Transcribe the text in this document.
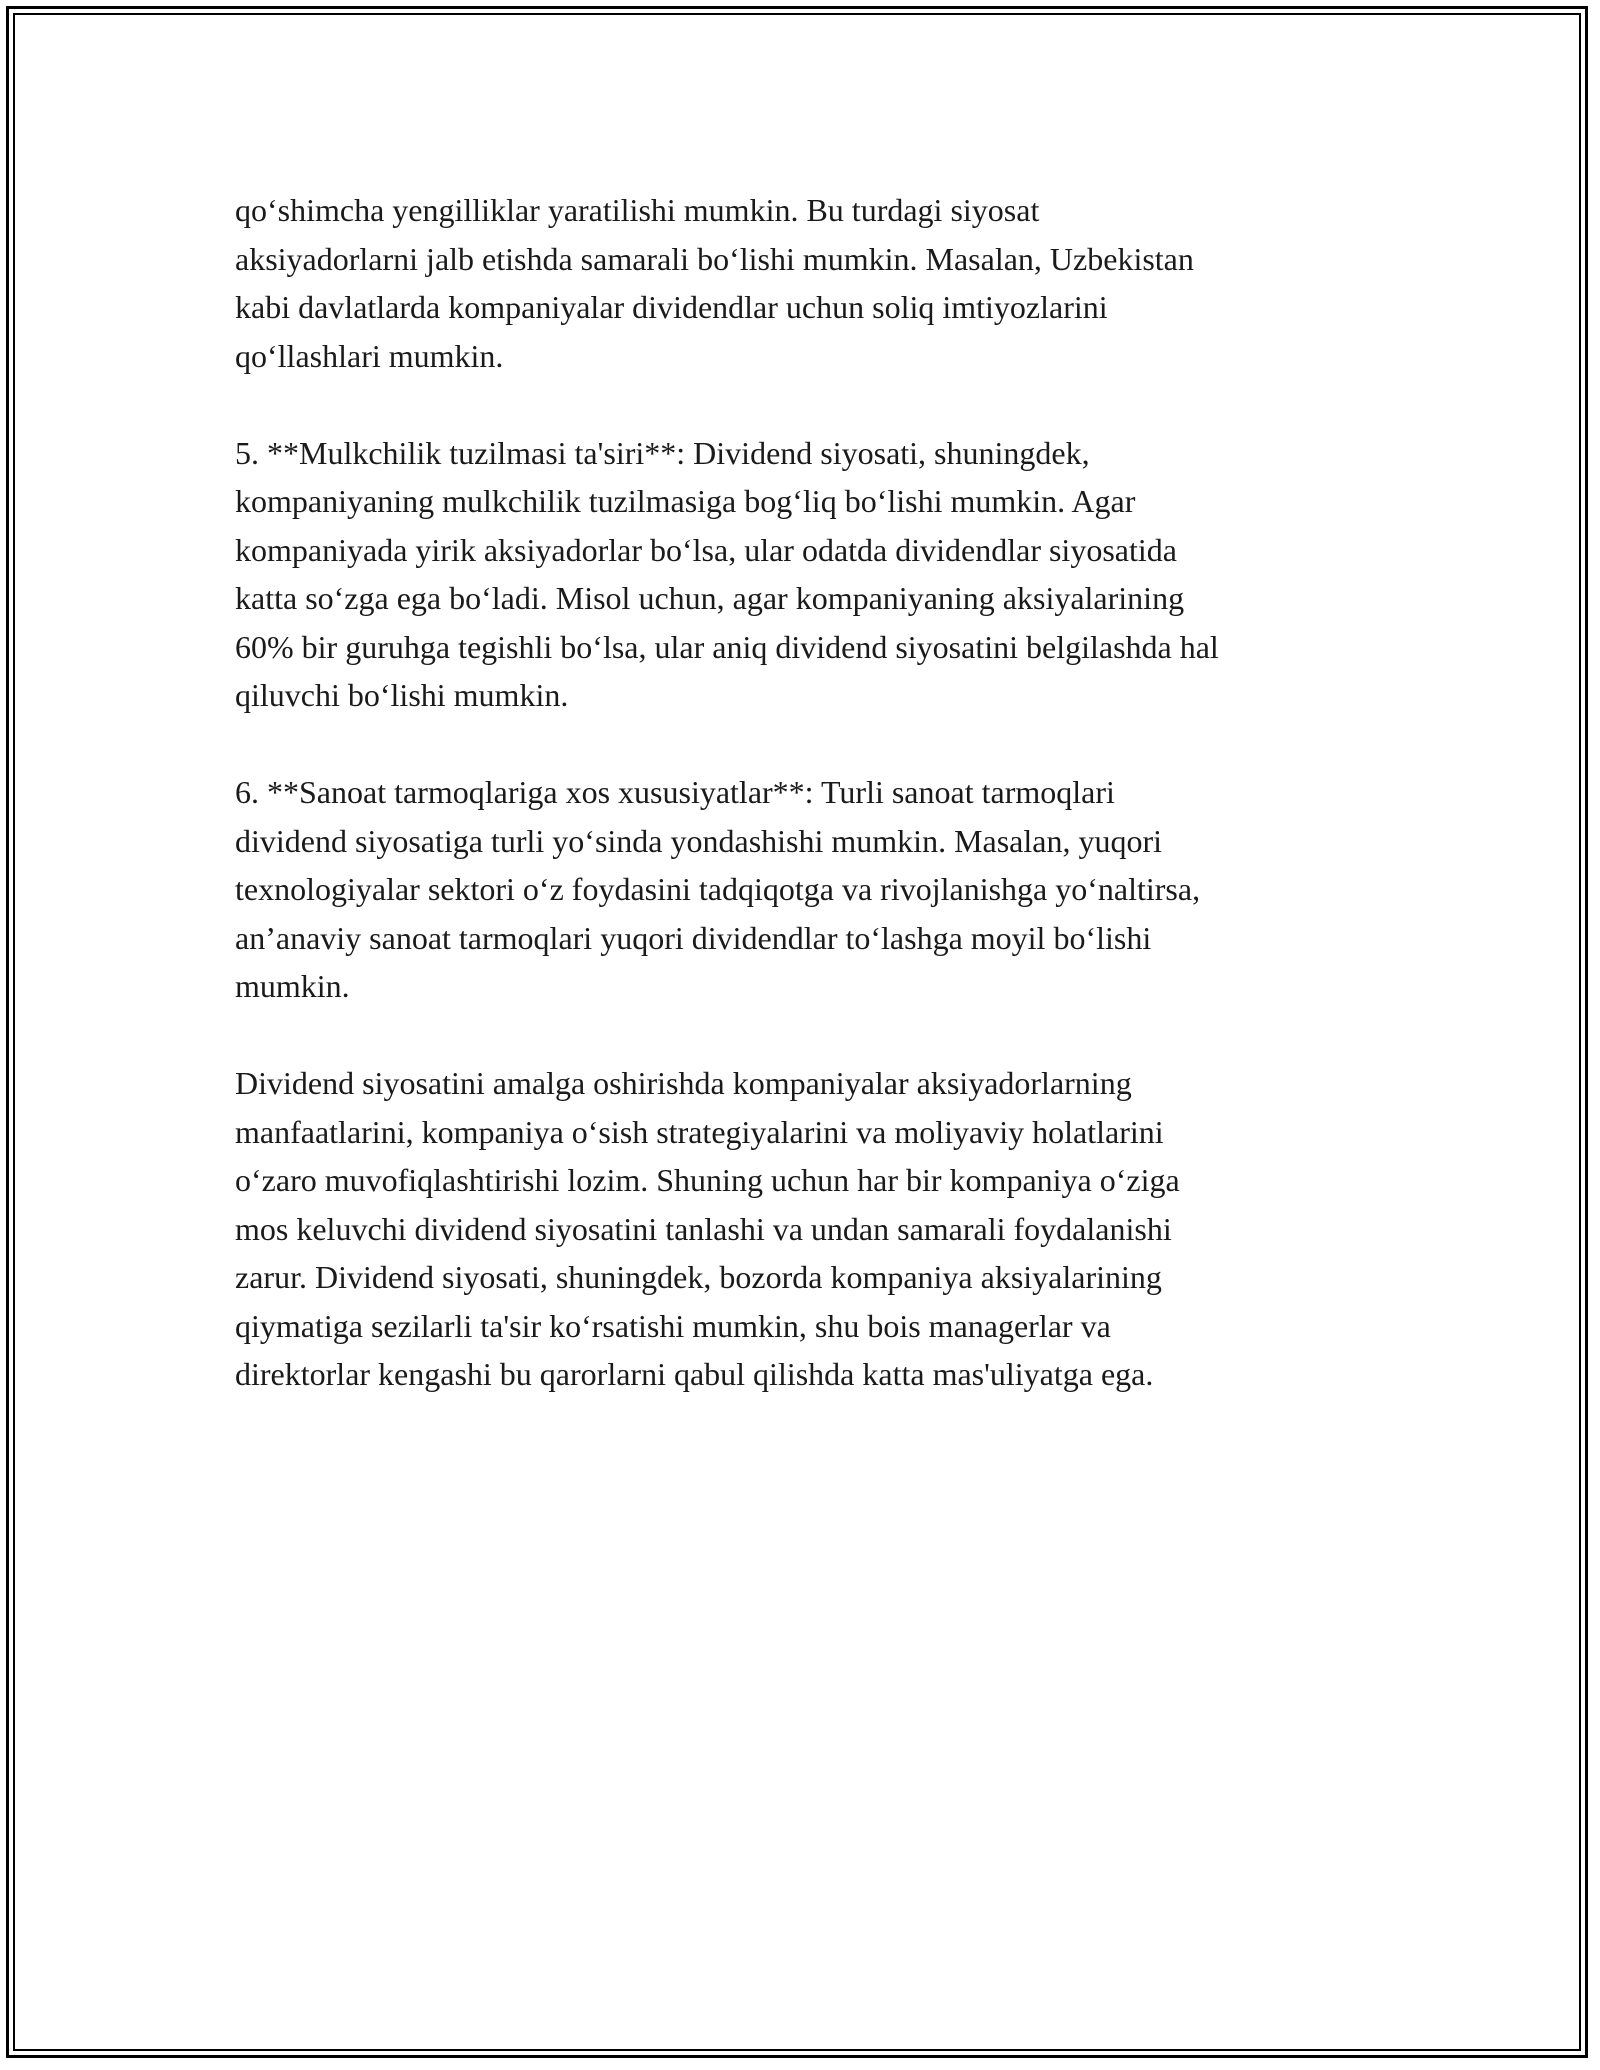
qo‘shimcha yengilliklar yaratilishi mumkin. Bu turdagi siyosat
aksiyadorlarni jalb etishda samarali bo‘lishi mumkin. Masalan, Uzbekistan
kabi davlatlarda kompaniyalar dividendlar uchun soliq imtiyozlarini
qo‘llashlari mumkin.

5. **Mulkchilik tuzilmasi ta'siri**: Dividend siyosati, shuningdek,
kompaniyaning mulkchilik tuzilmasiga bog‘liq bo‘lishi mumkin. Agar
kompaniyada yirik aksiyadorlar bo‘lsa, ular odatda dividendlar siyosatida
katta so‘zga ega bo‘ladi. Misol uchun, agar kompaniyaning aksiyalarining
60% bir guruhga tegishli bo‘lsa, ular aniq dividend siyosatini belgilashda hal
qiluvchi bo‘lishi mumkin.

6. **Sanoat tarmoqlariga xos xususiyatlar**: Turli sanoat tarmoqlari
dividend siyosatiga turli yo‘sinda yondashishi mumkin. Masalan, yuqori
texnologiyalar sektori o‘z foydasini tadqiqotga va rivojlanishga yo‘naltirsa,
an’anaviy sanoat tarmoqlari yuqori dividendlar to‘lashga moyil bo‘lishi
mumkin.

Dividend siyosatini amalga oshirishda kompaniyalar aksiyadorlarning
manfaatlarini, kompaniya o‘sish strategiyalarini va moliyaviy holatlarini
o‘zaro muvofiqlashtirishi lozim. Shuning uchun har bir kompaniya o‘ziga
mos keluvchi dividend siyosatini tanlashi va undan samarali foydalanishi
zarur. Dividend siyosati, shuningdek, bozorda kompaniya aksiyalarining
qiymatiga sezilarli ta'sir ko‘rsatishi mumkin, shu bois managerlar va
direktorlar kengashi bu qarorlarni qabul qilishda katta mas'uliyatga ega.
